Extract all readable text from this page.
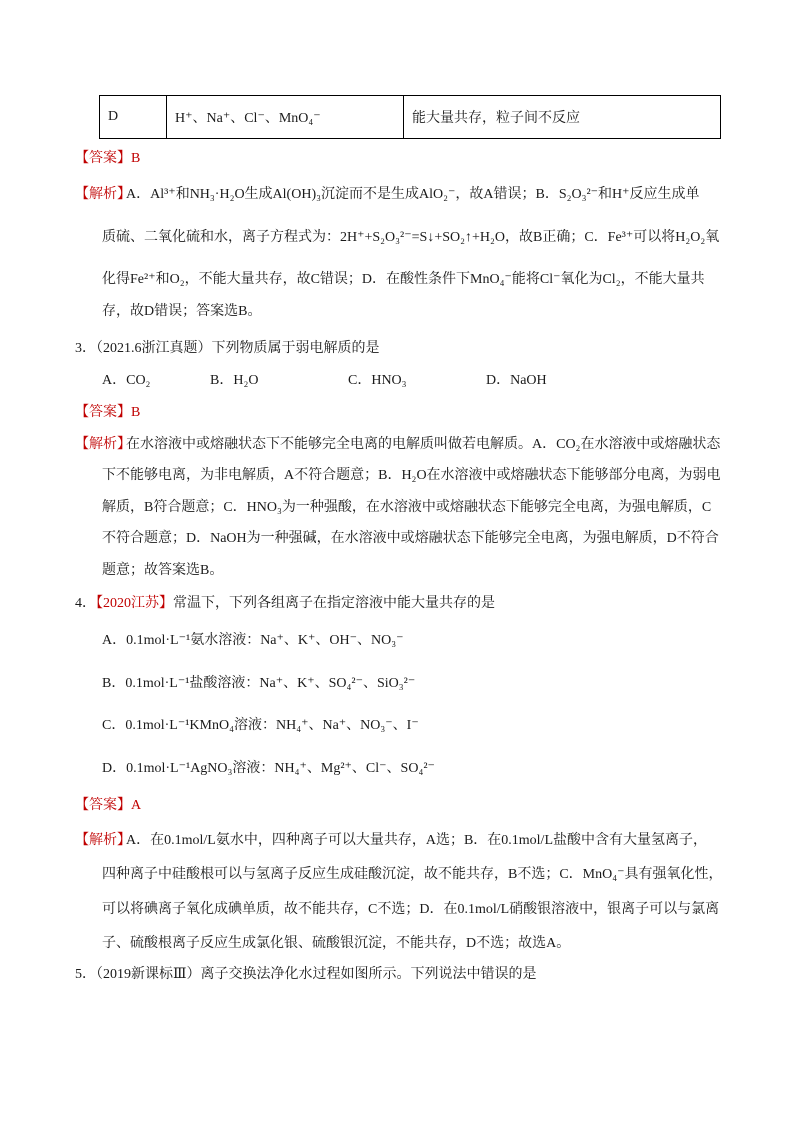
D	H⁺、Na⁺、Cl⁻、MnO₄⁻	能大量共存，粒子间不反应
【答案】B
【解析】
A．Al³⁺和NH₃·H₂O生成Al(OH)₃沉淀而不是生成AlO₂⁻，故A错误；B．S₂O₃²⁻和H⁺反应生成单
质硫、二氧化硫和水，离子方程式为：2H⁺+S₂O₃²⁻=S↓+SO₂↑+H₂O，故B正确；C．Fe³⁺可以将H₂O₂氧
化得Fe²⁺和O₂，不能大量共存，故C错误；D．在酸性条件下MnO₄⁻能将Cl⁻氧化为Cl₂，不能大量共
存，故D错误；答案选B。
3．（2021.6浙江真题）下列物质属于弱电解质的是
A．CO₂	B．H₂O	C．HNO₃	D．NaOH
【答案】B
【解析】
在水溶液中或熔融状态下不能够完全电离的电解质叫做若电解质。A．CO₂在水溶液中或熔融状态
下不能够电离，为非电解质，A不符合题意；B．H₂O在水溶液中或熔融状态下能够部分电离，为弱电
解质，B符合题意；C．HNO₃为一种强酸，在水溶液中或熔融状态下能够完全电离，为强电解质，C
不符合题意；D．NaOH为一种强碱，在水溶液中或熔融状态下能够完全电离，为强电解质，D不符合
题意；故答案选B。
4．【2020江苏】常温下，下列各组离子在指定溶液中能大量共存的是
A．0.1mol·L⁻¹氨水溶液：Na⁺、K⁺、OH⁻、NO₃⁻
B．0.1mol·L⁻¹盐酸溶液：Na⁺、K⁺、SO₄²⁻、SiO₃²⁻
C．0.1mol·L⁻¹KMnO₄溶液：NH₄⁺、Na⁺、NO₃⁻、I⁻
D．0.1mol·L⁻¹AgNO₃溶液：NH₄⁺、Mg²⁺、Cl⁻、SO₄²⁻
【答案】A
【解析】
A．在0.1mol/L氨水中，四种离子可以大量共存，A选；B．在0.1mol/L盐酸中含有大量氢离子，
四种离子中硅酸根可以与氢离子反应生成硅酸沉淀，故不能共存，B不选；C．MnO₄⁻具有强氧化性，
可以将碘离子氧化成碘单质，故不能共存，C不选；D．在0.1mol/L硝酸银溶液中，银离子可以与氯离
子、硫酸根离子反应生成氯化银、硫酸银沉淀，不能共存，D不选；故选A。
5．（2019新课标Ⅲ）离子交换法净化水过程如图所示。下列说法中错误的是
